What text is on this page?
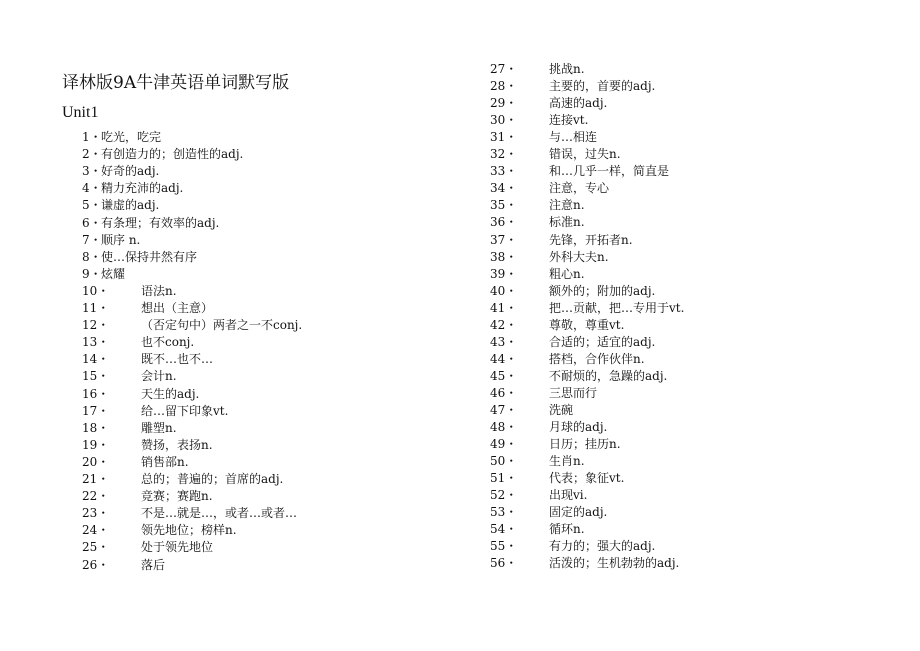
译林版9A牛津英语单词默写版
Unit1
1・ 吃光，吃完
2・ 有创造力的；创造性的adj.
3・ 好奇的adj.
4・ 精力充沛的adj.
5・ 谦虚的adj.
6・ 有条理；有效率的adj.
7・ 顺序 n.
8・ 使…保持井然有序
9・ 炫耀
10・	语法n.
11・	想出（主意）
12・	（否定句中）两者之一不conj.
13・	也不conj.
14・	既不…也不…
15・	会计n.
16・	天生的adj.
17・	给…留下印象vt.
18・	雕塑n.
19・	赞扬，表扬n.
20・	销售部n.
21・	总的；普遍的；首席的adj.
22・	竞赛；赛跑n.
23・	不是…就是…，或者…或者…
24・	领先地位；榜样n.
25・	处于领先地位
26・	落后
27・	挑战n.
28・	主要的，首要的adj.
29・	高速的adj.
30・	连接vt.
31・	与…相连
32・	错误，过失n.
33・	和…几乎一样，简直是
34・	注意，专心
35・	注意n.
36・	标准n.
37・	先锋，开拓者n.
38・	外科大夫n.
39・	粗心n.
40・	额外的；附加的adj.
41・	把…贡献，把…专用于vt.
42・	尊敬，尊重vt.
43・	合适的；适宜的adj.
44・	搭档，合作伙伴n.
45・	不耐烦的，急躁的adj.
46・	三思而行
47・	洗碗
48・	月球的adj.
49・	日历；挂历n.
50・	生肖n.
51・	代表；象征vt.
52・	出现vi.
53・	固定的adj.
54・	循环n.
55・	有力的；强大的adj.
56・	活泼的；生机勃勃的adj.
